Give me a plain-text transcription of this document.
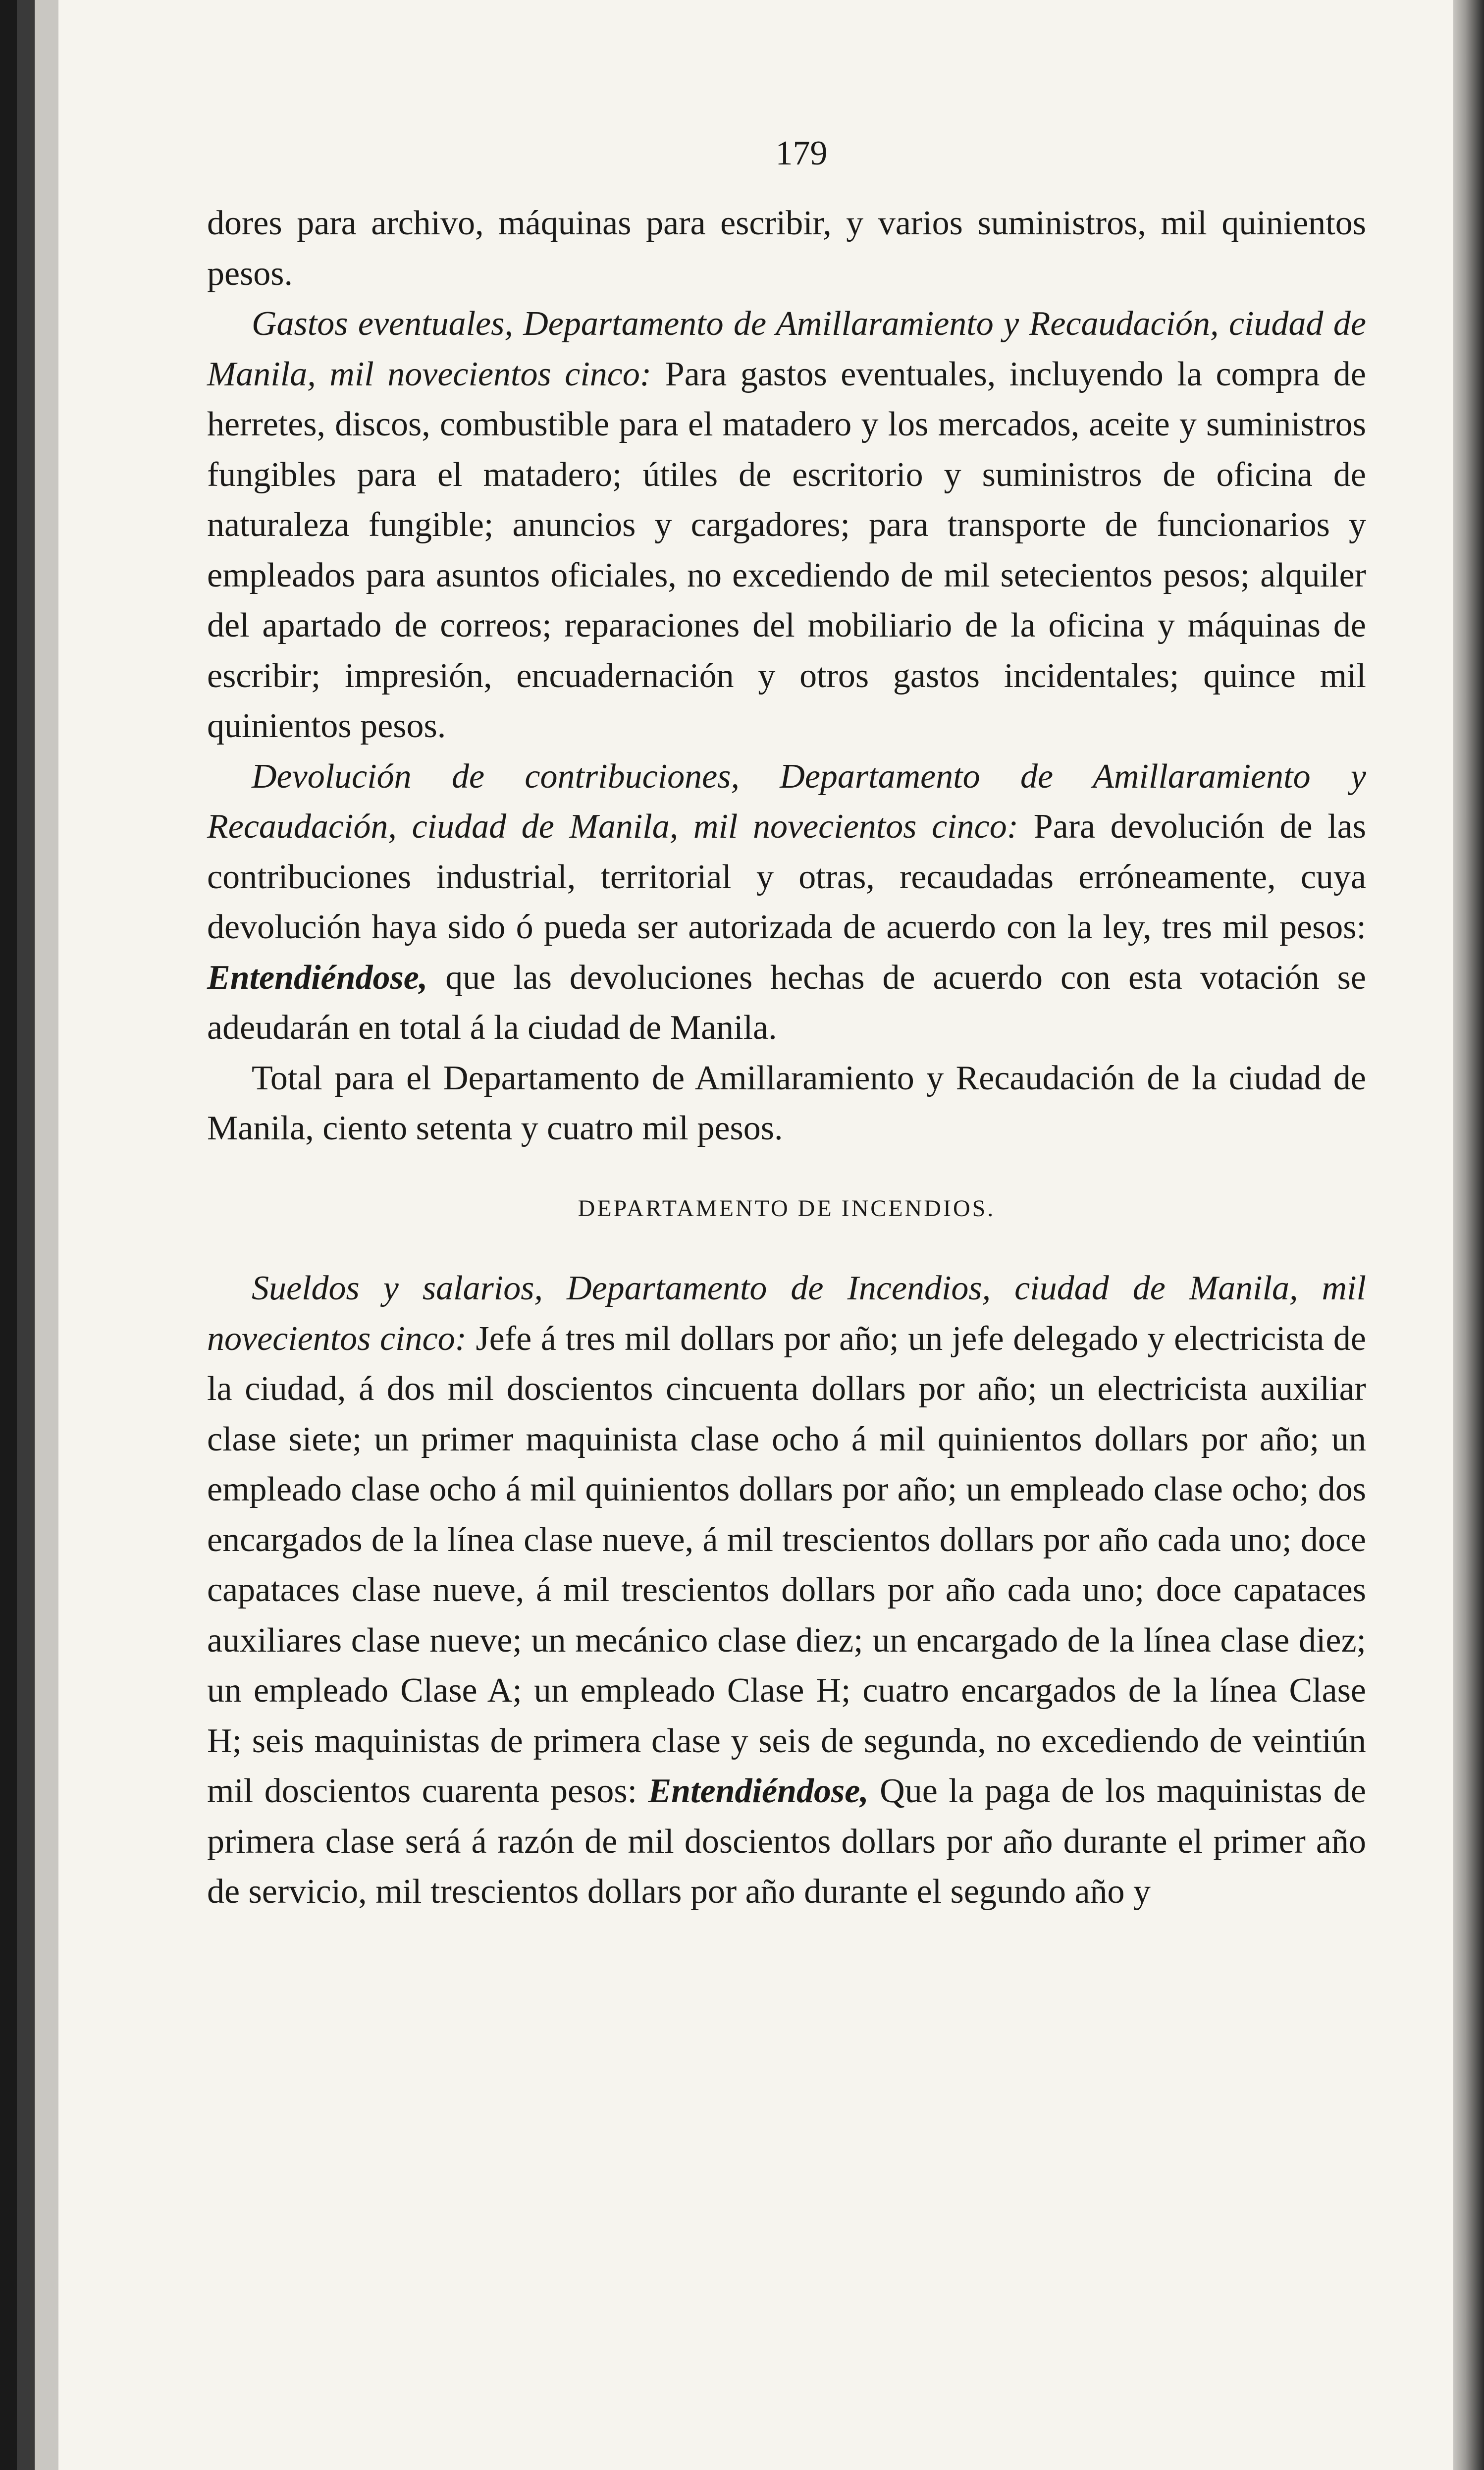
179

dores para archivo, máquinas para escribir, y varios suministros, mil quinientos pesos.

Gastos eventuales, Departamento de Amillaramiento y Recaudación, ciudad de Manila, mil novecientos cinco: Para gastos eventuales, incluyendo la compra de herretes, discos, combustible para el matadero y los mercados, aceite y suministros fungibles para el matadero; útiles de escritorio y suministros de oficina de naturaleza fungible; anuncios y cargadores; para transporte de funcionarios y empleados para asuntos oficiales, no excediendo de mil setecientos pesos; alquiler del apartado de correos; reparaciones del mobiliario de la oficina y máquinas de escribir; impresión, encuadernación y otros gastos incidentales; quince mil quinientos pesos.

Devolución de contribuciones, Departamento de Amillaramiento y Recaudación, ciudad de Manila, mil novecientos cinco: Para devolución de las contribuciones industrial, territorial y otras, recaudadas erróneamente, cuya devolución haya sido ó pueda ser autorizada de acuerdo con la ley, tres mil pesos: Entendiéndose, que las devoluciones hechas de acuerdo con esta votación se adeudarán en total á la ciudad de Manila.

Total para el Departamento de Amillaramiento y Recaudación de la ciudad de Manila, ciento setenta y cuatro mil pesos.

DEPARTAMENTO DE INCENDIOS.

Sueldos y salarios, Departamento de Incendios, ciudad de Manila, mil novecientos cinco: Jefe á tres mil dollars por año; un jefe delegado y electricista de la ciudad, á dos mil doscientos cincuenta dollars por año; un electricista auxiliar clase siete; un primer maquinista clase ocho á mil quinientos dollars por año; un empleado clase ocho á mil quinientos dollars por año; un empleado clase ocho; dos encargados de la línea clase nueve, á mil trescientos dollars por año cada uno; doce capataces clase nueve, á mil trescientos dollars por año cada uno; doce capataces auxiliares clase nueve; un mecánico clase diez; un encargado de la línea clase diez; un empleado Clase A; un empleado Clase H; cuatro encargados de la línea Clase H; seis maquinistas de primera clase y seis de segunda, no excediendo de veintiún mil doscientos cuarenta pesos: Entendiéndose, Que la paga de los maquinistas de primera clase será á razón de mil doscientos dollars por año durante el primer año de servicio, mil trescientos dollars por año durante el segundo año y
